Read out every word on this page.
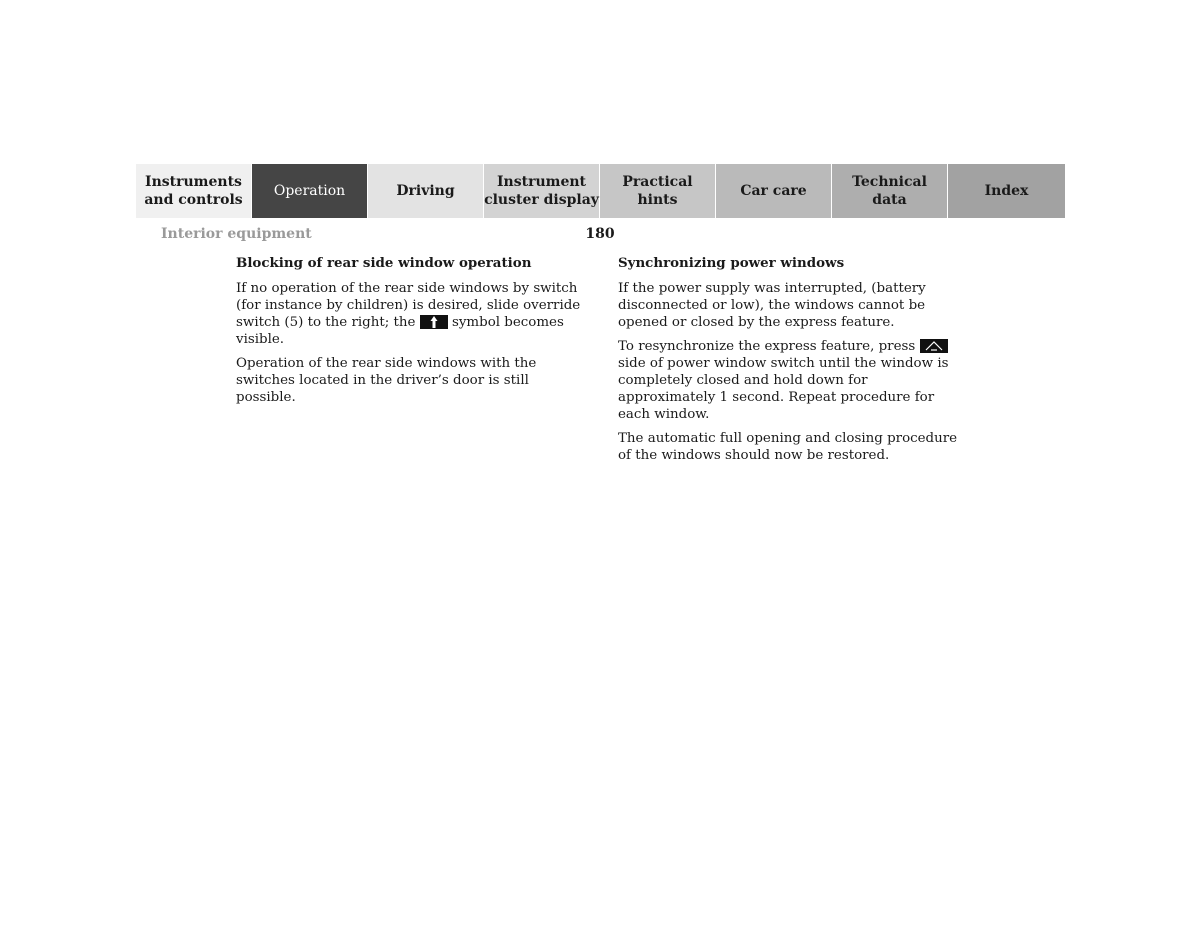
Instruments
and controls
Operation	Driving
Instrument
cluster display
Practical hints
Car care
Technical
data
Index
Interior equipment	180
Blocking of rear side window operation

If no operation of the rear side windows by switch (for instance by children) is desired, slide override switch (5) to the right; the	symbol becomes visible.

Operation of the rear side windows with the switches located in the driver’s door is still possible.

Synchronizing power windows

If the power supply was interrupted, (battery disconnected or low), the windows cannot be opened or closed by the express feature.

To resynchronize the express feature, press
side of power window switch until the window is completely closed and hold down for approximately 1 second. Repeat procedure for each window.

The automatic full opening and closing procedure of the windows should now be restored.
